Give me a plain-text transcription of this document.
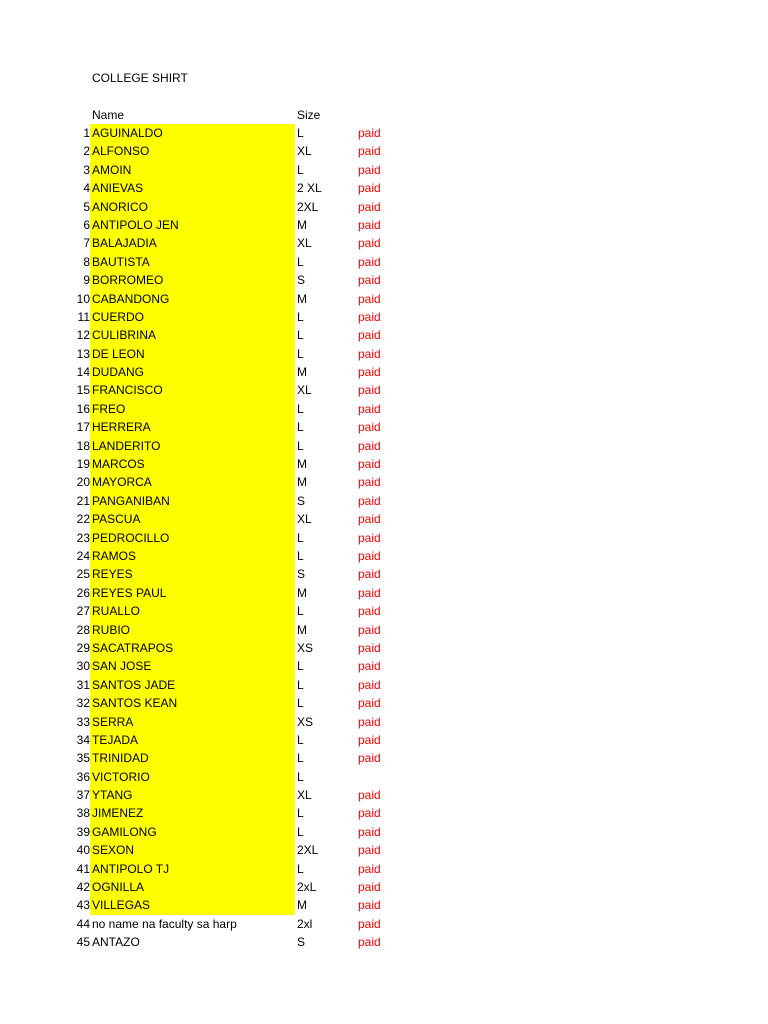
COLLEGE SHIRT
Name	Size
1 AGUINALDO	L	paid
2 ALFONSO	XL	paid
3 AMOIN	L	paid
4 ANIEVAS	2 XL	paid
5 ANORICO	2XL	paid
6 ANTIPOLO JEN	M	paid
7 BALAJADIA	XL	paid
8 BAUTISTA	L	paid
9 BORROMEO	S	paid
10 CABANDONG	M	paid
11 CUERDO	L	paid
12 CULIBRINA	L	paid
13 DE LEON	L	paid
14 DUDANG	M	paid
15 FRANCISCO	XL	paid
16 FREO	L	paid
17 HERRERA	L	paid
18 LANDERITO	L	paid
19 MARCOS	M	paid
20 MAYORCA	M	paid
21 PANGANIBAN	S	paid
22 PASCUA	XL	paid
23 PEDROCILLO	L	paid
24 RAMOS	L	paid
25 REYES	S	paid
26 REYES PAUL	M	paid
27 RUALLO	L	paid
28 RUBIO	M	paid
29 SACATRAPOS	XS	paid
30 SAN JOSE	L	paid
31 SANTOS JADE	L	paid
32 SANTOS KEAN	L	paid
33 SERRA	XS	paid
34 TEJADA	L	paid
35 TRINIDAD	L	paid
36 VICTORIO	L
37 YTANG	XL	paid
38 JIMENEZ	L	paid
39 GAMILONG	L	paid
40 SEXON	2XL	paid
41 ANTIPOLO TJ	L	paid
42 OGNILLA	2xL	paid
43 VILLEGAS	M	paid
44 no name na faculty sa harp	2xl	paid
45 ANTAZO	S	paid
